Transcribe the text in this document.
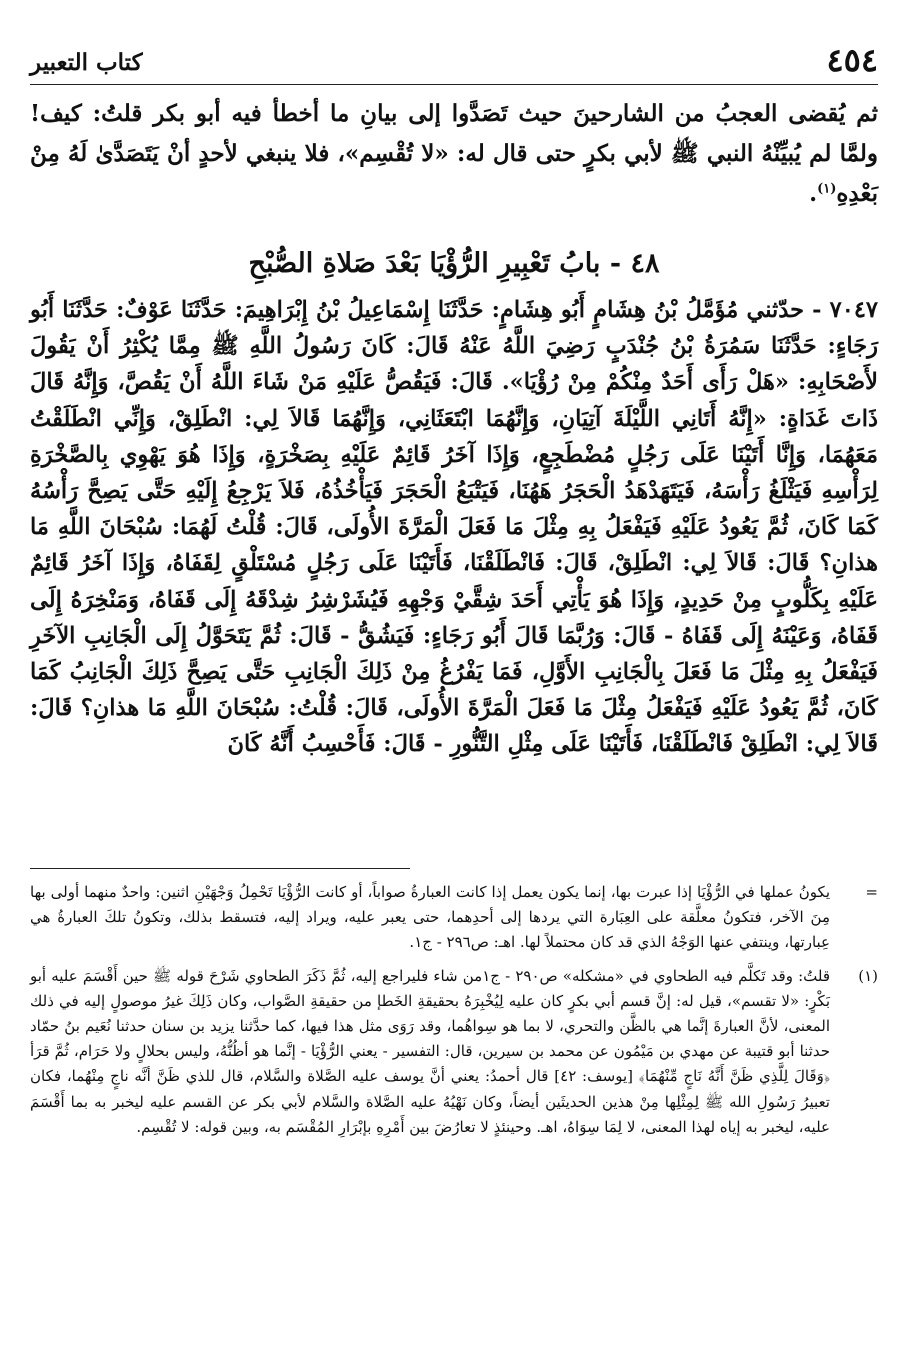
٤٥٤
كتاب التعبير

ثم يُقضى العجبُ من الشارحينَ حيث تَصَدَّوا إلى بيانِ ما أخطأ فيه أبو بكر قلتُ: كيف! ولمَّا لم يُبيِّنْهُ النبي ﷺ لأبي بكرٍ حتى قال له: «لا تُقْسِم»، فلا ينبغي لأحدٍ أنْ يَتَصَدَّىٰ لَهُ مِنْ بَعْدِهِ$^{(١)}$.

٤٨ - بابُ تَعْبِيرِ الرُّؤْيَا بَعْدَ صَلاةِ الصُّبْحِ

٧٠٤٧ - حدّثني مُؤَمَّلُ بْنُ هِشَامٍ أَبُو هِشَامٍ: حَدَّثَنَا إِسْمَاعِيلُ بْنُ إِبْرَاهِيمَ: حَدَّثَنَا عَوْفٌ: حَدَّثَنَا أَبُو رَجَاءٍ: حَدَّثَنَا سَمُرَةُ بْنُ جُنْدَبٍ رَضِيَ اللَّهُ عَنْهُ قَالَ: كَانَ رَسُولُ اللَّهِ ﷺ مِمَّا يُكْثِرُ أَنْ يَقُولَ لأَصْحَابِهِ: «هَلْ رَأَى أَحَدٌ مِنْكُمْ مِنْ رُؤْيَا». قَالَ: فَيَقُصُّ عَلَيْهِ مَنْ شَاءَ اللَّهُ أَنْ يَقُصَّ، وَإِنَّهُ قَالَ ذَاتَ غَدَاةٍ: «إِنَّهُ أَتَانِي اللَّيْلَةَ آتِيَانِ، وَإِنَّهُمَا ابْتَعَثَانِي، وَإِنَّهُمَا قَالاَ لِي: انْطَلِقْ، وَإِنِّي انْطَلَقْتُ مَعَهُمَا، وَإِنَّا أَتَيْنَا عَلَى رَجُلٍ مُضْطَجِعٍ، وَإِذَا آخَرُ قَائِمٌ عَلَيْهِ بِصَخْرَةٍ، وَإِذَا هُوَ يَهْوِي بِالصَّخْرَةِ لِرَأْسِهِ فَيَثْلَغُ رَأْسَهُ، فَيَتَهَدْهَدُ الْحَجَرُ هَهُنَا، فَيَتْبَعُ الْحَجَرَ فَيَأْخُذُهُ، فَلاَ يَرْجِعُ إِلَيْهِ حَتَّى يَصِحَّ رَأْسُهُ كَمَا كَانَ، ثُمَّ يَعُودُ عَلَيْهِ فَيَفْعَلُ بِهِ مِثْلَ مَا فَعَلَ الْمَرَّةَ الأُولَى، قَالَ: قُلْتُ لَهُمَا: سُبْحَانَ اللَّهِ مَا هذانِ؟ قَالَ: قَالاَ لِي: انْطَلِقْ، قَالَ: فَانْطَلَقْنَا، فَأَتَيْنَا عَلَى رَجُلٍ مُسْتَلْقٍ لِقَفَاهُ، وَإِذَا آخَرُ قَائِمٌ عَلَيْهِ بِكَلُّوبٍ مِنْ حَدِيدٍ، وَإِذَا هُوَ يَأْتِي أَحَدَ شِقَّيْ وَجْهِهِ فَيُشَرْشِرُ شِدْقَهُ إِلَى قَفَاهُ، وَمَنْخِرَهُ إِلَى قَفَاهُ، وَعَيْنَهُ إِلَى قَفَاهُ - قَالَ: وَرُبَّمَا قَالَ أَبُو رَجَاءٍ: فَيَشُقُّ - قَالَ: ثُمَّ يَتَحَوَّلُ إِلَى الْجَانِبِ الآخَرِ فَيَفْعَلُ بِهِ مِثْلَ مَا فَعَلَ بِالْجَانِبِ الأَوَّلِ، فَمَا يَفْرُغُ مِنْ ذَلِكَ الْجَانِبِ حَتَّى يَصِحَّ ذَلِكَ الْجَانِبُ كَمَا كَانَ، ثُمَّ يَعُودُ عَلَيْهِ فَيَفْعَلُ مِثْلَ مَا فَعَلَ الْمَرَّةَ الأُولَى، قَالَ: قُلْتُ: سُبْحَانَ اللَّهِ مَا هذانِ؟ قَالَ: قَالاَ لِي: انْطَلِقْ فَانْطَلَقْنَا، فَأَتَيْنَا عَلَى مِثْلِ التَّنُّورِ - قَالَ: فَأَحْسِبُ أَنَّهُ كَانَ

=

يكونُ عملها في الرُّؤْيَا إذا عبرت بها، إنما يكون يعمل إذا كانت العبارةُ صواباً، أو كانت الرُّؤْيَا تَحْمِلُ وَجْهَيْنِ اثنين: واحدٌ منهما أولى بها مِنَ الآخر، فتكونُ معلَّقة على العِبَارة التي يردها إلى أحدِهما، حتى يعبر عليه، ويراد إليه، فتسقط بذلك، وتكونُ تلكَ العبارةُ هي عِبارتها، وينتفي عنها الوَجْهُ الذي قد كان محتملاً لها. اهـ: ص٢٩٦ - ج١.

(١)

قلتُ: وقد تَكلَّم فيه الطحاوي في «مشكله» ص٢٩٠ - ج١من شاء فليراجع إليه، ثُمَّ ذَكَرَ الطحاوي شَرْحَ قوله ﷺ حين أَقْسَمَ عليه أبو بَكْرٍ: «لا تقسم»، قيل له: إنَّ قسم أبي بكرٍ كان عليه لِيُخْبِرَهُ بحقيقةِ الخَطإ من حقيقةِ الصَّواب، وكان ذَلِكَ غيرُ موصولٍ إليه في ذلك المعنى، لأنَّ العبارةَ إنَّما هي بالظَّن والتحري، لا بما هو سِواهُما، وقد رَوَى مثل هذا فيها، كما حدَّثنا يزيد بن سنان حدثنا نُعَيم بنُ حمّاد حدثنا أبو قتيبة عن مهدي بن مَيْمُون عن محمد بن سيرين، قال: التفسير - يعني الرُّؤْيَا - إنَّما هو أظُنُّهُ، وليس بحلالٍ ولا حَرَام، ثُمَّ قرَأ ﴿وَقَالَ لِلَّذِي ظَنَّ أَنَّهُ نَاجٍ مِّنْهُمَا﴾ [يوسف: ٤٢] قال أحمدُ: يعني أنَّ يوسف عليه الصَّلاة والسَّلام، قال للذي ظَنَّ أنَّه ناجٍ مِنْهُما، فكان تعبيرُ رَسُولِ الله ﷺ لِمِثْلِها مِنْ هذين الحديثَين أيضاً، وكان نَهْيُهُ عليه الصَّلاة والسَّلام لأبي بكر عن القسم عليه ليخبر به بما أَقْسَمَ عليه، ليخبر به إياه لهذا المعنى، لا لِمَا سِوَاهُ، اهـ. وحينئذٍ لا تعارُضَ بين أَمْرِهِ بإبْرَارِ المُقْسَم به، وبين قوله: لا تُقْسِم.
